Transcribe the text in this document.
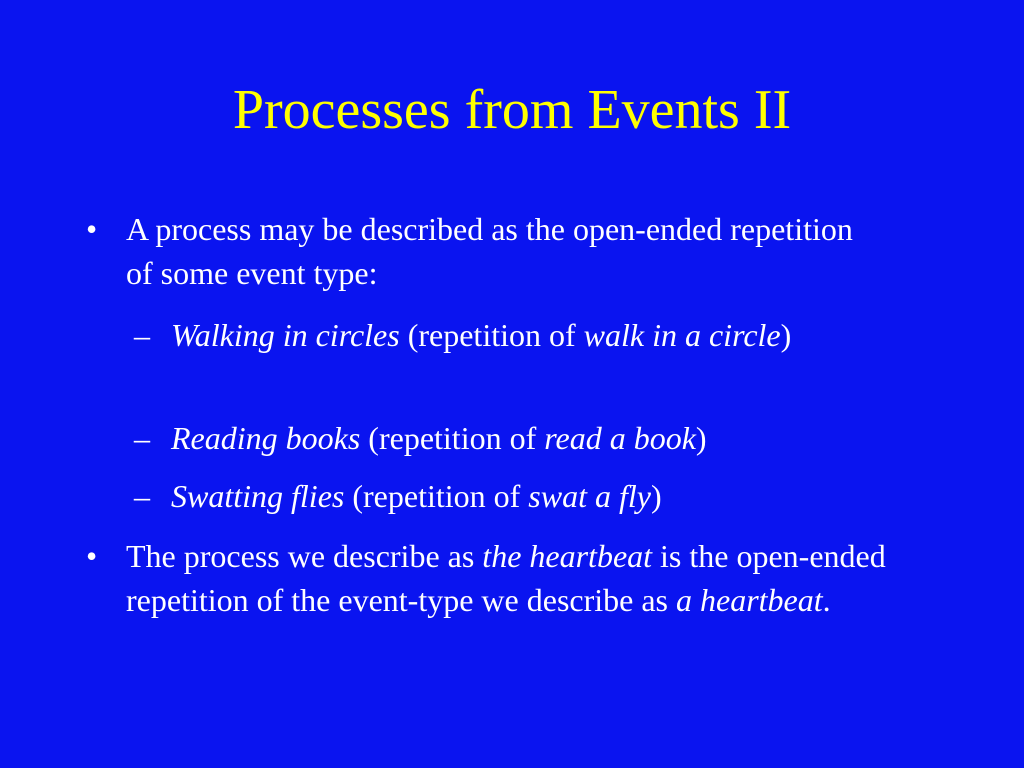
Processes from Events II
• A process may be described as the open-ended repetition of some event type:
– Walking in circles (repetition of walk in a circle)
– Reading books (repetition of read a book)
– Swatting flies (repetition of swat a fly)
• The process we describe as the heartbeat is the open-ended repetition of the event-type we describe as a heartbeat.
